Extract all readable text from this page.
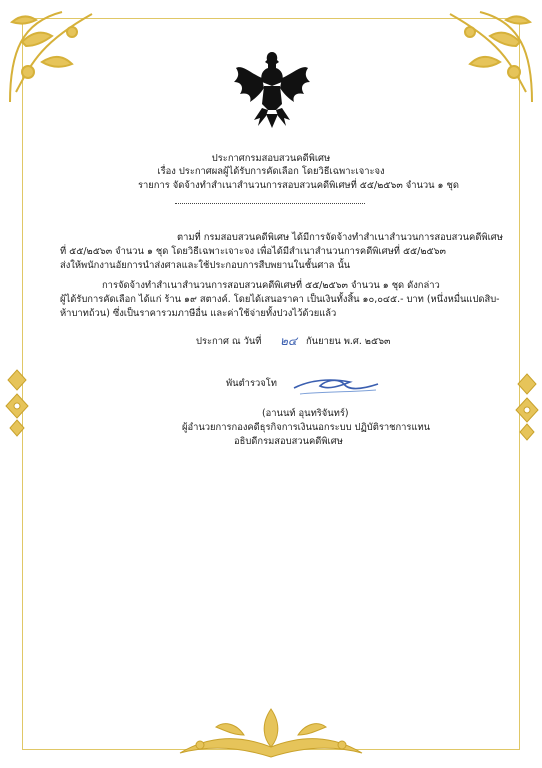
ประกาศกรมสอบสวนคดีพิเศษ
เรื่อง ประกาศผลผู้ได้รับการคัดเลือก โดยวิธีเฉพาะเจาะจง
รายการ จัดจ้างทำสำเนาสำนวนการสอบสวนคดีพิเศษที่ ๕๕/๒๕๖๓ จำนวน ๑ ชุด
ตามที่ กรมสอบสวนคดีพิเศษ ได้มีการจัดจ้างทำสำเนาสำนวนการสอบสวนคดีพิเศษ
ที่ ๕๕/๒๕๖๓ จำนวน ๑ ชุด โดยวิธีเฉพาะเจาะจง เพื่อได้มีสำเนาสำนวนการคดีพิเศษที่ ๕๕/๒๕๖๓
ส่งให้พนักงานอัยการนำส่งศาลและใช้ประกอบการสืบพยานในชั้นศาล นั้น
การจัดจ้างทำสำเนาสำนวนการสอบสวนคดีพิเศษที่ ๕๕/๒๕๖๓ จำนวน ๑ ชุด ดังกล่าว
ผู้ได้รับการคัดเลือก ได้แก่ ร้าน ๑๙ สตางค์. โดยได้เสนอราคา เป็นเงินทั้งสิ้น ๑๐,๐๔๕.- บาท (หนึ่งหมื่นแปดสิบ-
ห้าบาทถ้วน) ซึ่งเป็นราคารวมภาษีอื่น และค่าใช้จ่ายทั้งปวงไว้ด้วยแล้ว
ประกาศ ณ วันที่ ๒๔ กันยายน พ.ศ. ๒๕๖๓
พันตำรวจโท
(อานนท์ อุนทริจันทร์)
ผู้อำนวยการกองคดีธุรกิจการเงินนอกระบบ ปฏิบัติราชการแทน
อธิบดีกรมสอบสวนคดีพิเศษ
